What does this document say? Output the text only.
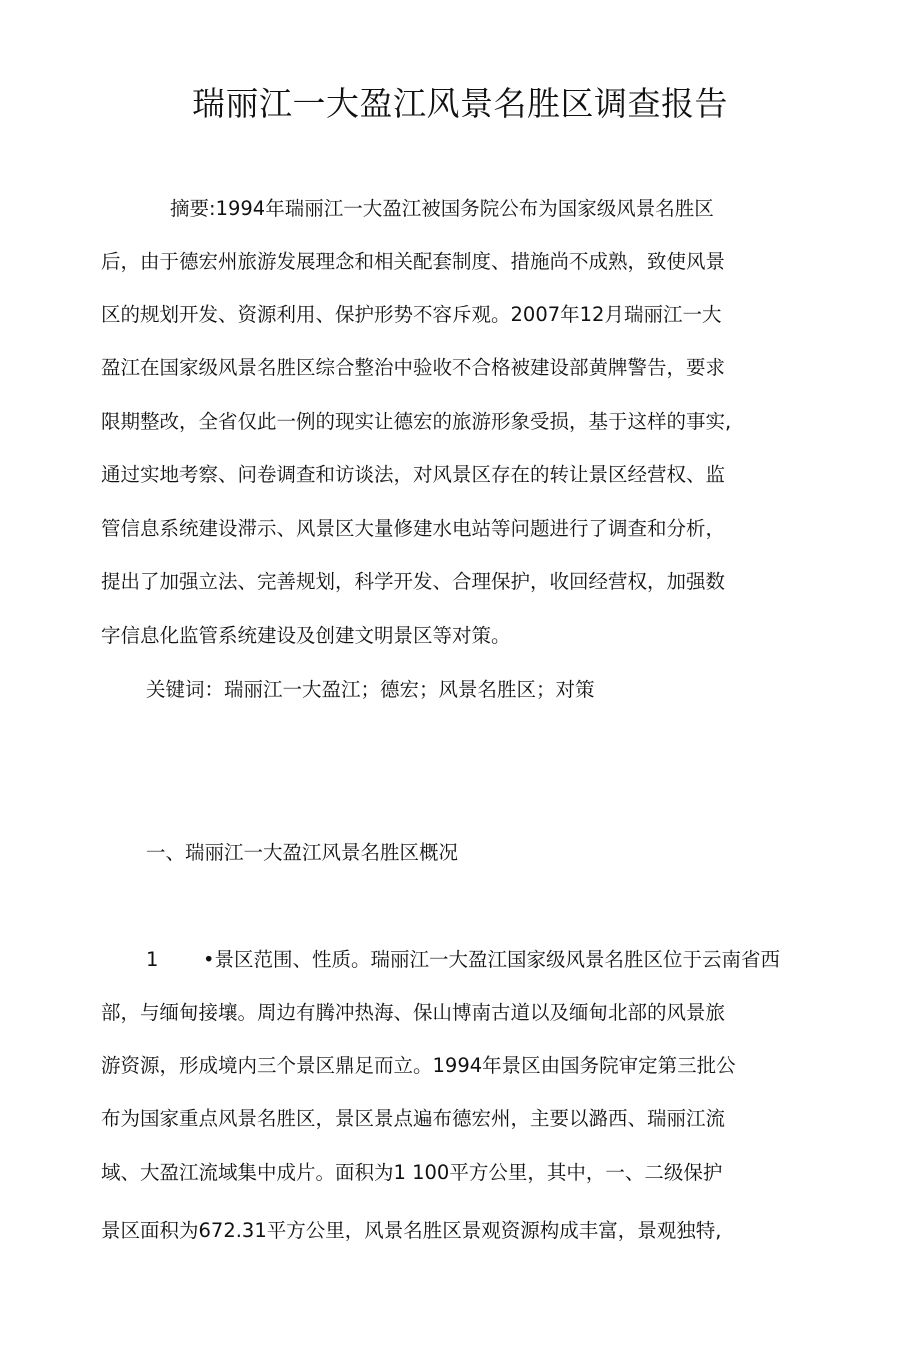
瑞丽江一大盈江风景名胜区调查报告
摘要:1994年瑞丽江一大盈江被国务院公布为国家级风景名胜区
后，由于德宏州旅游发展理念和相关配套制度、措施尚不成熟，致使风景
区的规划开发、资源利用、保护形势不容斥观。2007年12月瑞丽江一大
盈江在国家级风景名胜区综合整治中验收不合格被建设部黄牌警告，要求
限期整改，全省仅此一例的现实让德宏的旅游形象受损，基于这样的事实,
通过实地考察、问卷调查和访谈法，对风景区存在的转让景区经营权、监
管信息系统建设滞示、风景区大量修建水电站等问题进行了调查和分析，
提出了加强立法、完善规划，科学开发、合理保护，收回经营权，加强数
字信息化监管系统建设及创建文明景区等对策。
关键词：瑞丽江一大盈江；德宏；风景名胜区；对策
一、瑞丽江一大盈江风景名胜区概况
1 •景区范围、性质。瑞丽江一大盈江国家级风景名胜区位于云南省西
部，与缅甸接壤。周边有腾冲热海、保山博南古道以及缅甸北部的风景旅
游资源，形成境内三个景区鼎足而立。1994年景区由国务院审定第三批公
布为国家重点风景名胜区，景区景点遍布德宏州，主要以潞西、瑞丽江流
域、大盈江流域集中成片。面积为1 100平方公里，其中，一、二级保护
景区面积为672.31平方公里，风景名胜区景观资源构成丰富，景观独特,
